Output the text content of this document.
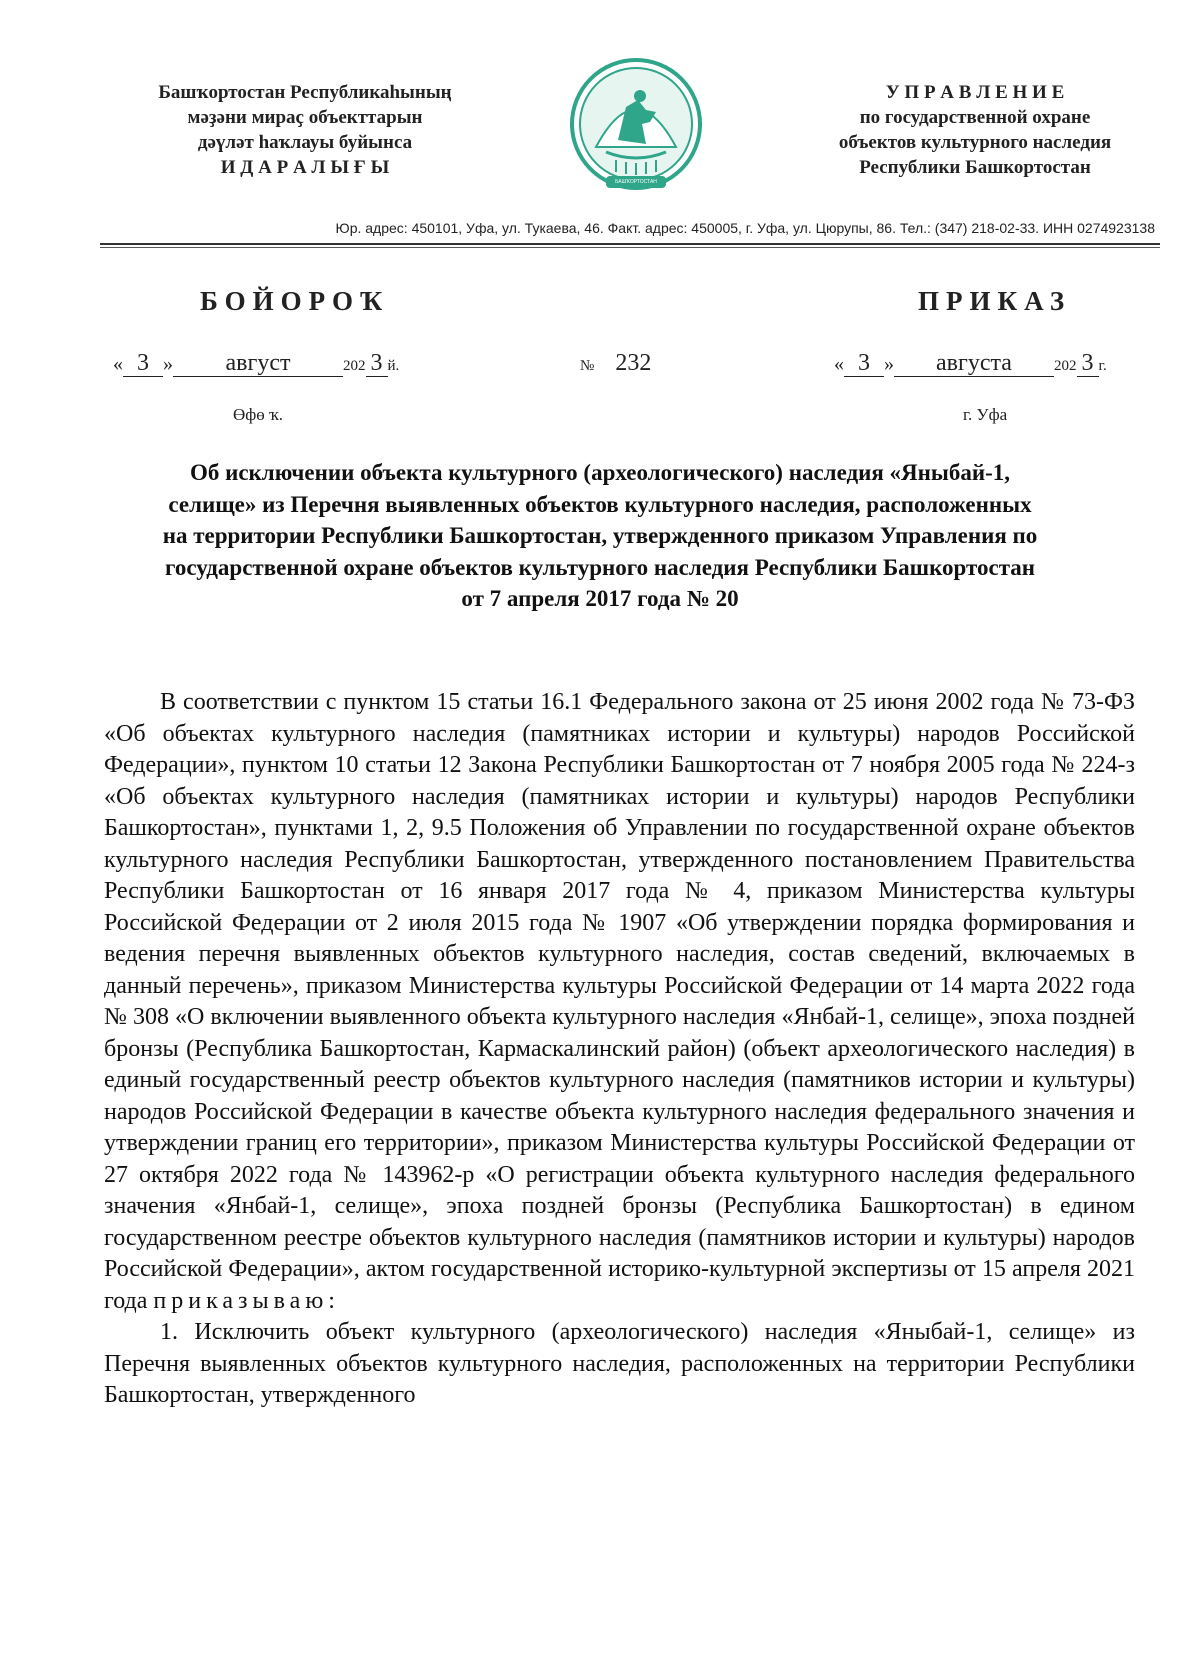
Башҡортостан Республикаһының
мәҙәни мираҫ объекттарын
дәүләт һаҡлауы буйынса
И Д А Р А Л Ы Ғ Ы
БАШҠОРТОСТАН
У П Р А В Л Е Н И Е
по государственной охране
объектов культурного наследия
Республики Башкортостан
Юр. адрес: 450101, Уфа, ул. Тукаева, 46. Факт. адрес: 450005, г. Уфа, ул. Цюрупы, 86. Тел.: (347) 218-02-33. ИНН 0274923138
БОЙОРОҠ	ПРИКАЗ
« 3 » август	202 3 й.	№ 232	« 3 » августа	202 3 г.
Өфө ҡ.	г. Уфа
Об исключении объекта культурного (археологического) наследия «Яныбай-1, селище» из Перечня выявленных объектов культурного наследия, расположенных на территории Республики Башкортостан, утвержденного приказом Управления по государственной охране объектов культурного наследия Республики Башкортостан от 7 апреля 2017 года № 20

В соответствии с пунктом 15 статьи 16.1 Федерального закона от 25 июня 2002 года № 73-ФЗ «Об объектах культурного наследия (памятниках истории и культуры) народов Российской Федерации», пунктом 10 статьи 12 Закона Республики Башкортостан от 7 ноября 2005 года № 224-з «Об объектах культурного наследия (памятниках истории и культуры) народов Республики Башкортостан», пунктами 1, 2, 9.5 Положения об Управлении по государственной охране объектов культурного наследия Республики Башкортостан, утвержденного постановлением Правительства Республики Башкортостан от 16 января 2017 года № 4, приказом Министерства культуры Российской Федерации от 2 июля 2015 года № 1907 «Об утверждении порядка формирования и ведения перечня выявленных объектов культурного наследия, состав сведений, включаемых в данный перечень», приказом Министерства культуры Российской Федерации от 14 марта 2022 года № 308 «О включении выявленного объекта культурного наследия «Янбай-1, селище», эпоха поздней бронзы (Республика Башкортостан, Кармаскалинский район) (объект археологического наследия) в единый государственный реестр объектов культурного наследия (памятников истории и культуры) народов Российской Федерации в качестве объекта культурного наследия федерального значения и утверждении границ его территории», приказом Министерства культуры Российской Федерации от 27 октября 2022 года № 143962-р «О регистрации объекта культурного наследия федерального значения «Янбай-1, селище», эпоха поздней бронзы (Республика Башкортостан) в едином государственном реестре объектов культурного наследия (памятников истории и культуры) народов Российской Федерации», актом государственной историко-культурной экспертизы от 15 апреля 2021 года приказываю:

1. Исключить объект культурного (археологического) наследия «Яныбай-1, селище» из Перечня выявленных объектов культурного наследия, расположенных на территории Республики Башкортостан, утвержденного
